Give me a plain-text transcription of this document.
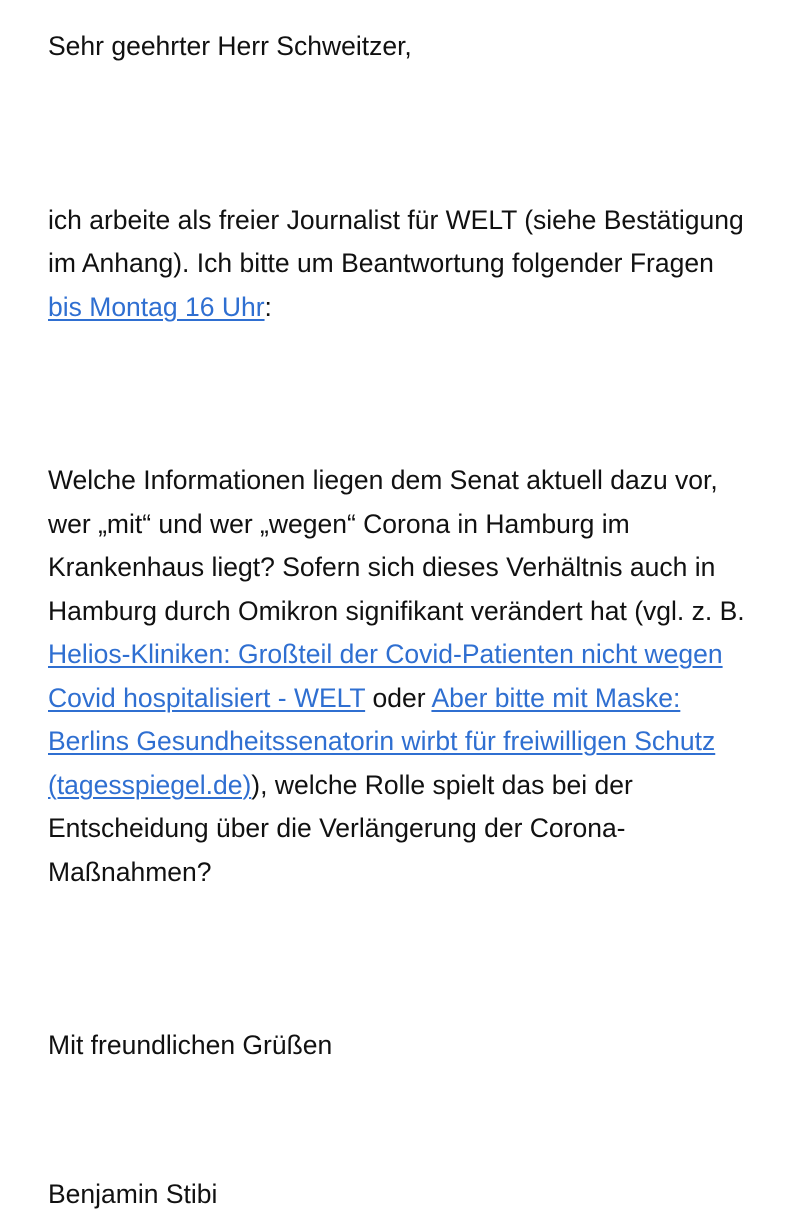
Sehr geehrter Herr Schweitzer,

ich arbeite als freier Journalist für WELT (siehe Bestätigung im Anhang). Ich bitte um Beantwortung folgender Fragen bis Montag 16 Uhr:

Welche Informationen liegen dem Senat aktuell dazu vor, wer „mit“ und wer „wegen“ Corona in Hamburg im Krankenhaus liegt? Sofern sich dieses Verhältnis auch in Hamburg durch Omikron signifikant verändert hat (vgl. z. B. Helios-Kliniken: Großteil der Covid-Patienten nicht wegen Covid hospitalisiert - WELT oder Aber bitte mit Maske: Berlins Gesundheitssenatorin wirbt für freiwilligen Schutz (tagesspiegel.de)), welche Rolle spielt das bei der Entscheidung über die Verlängerung der Corona-Maßnahmen?

Mit freundlichen Grüßen

Benjamin Stibi
